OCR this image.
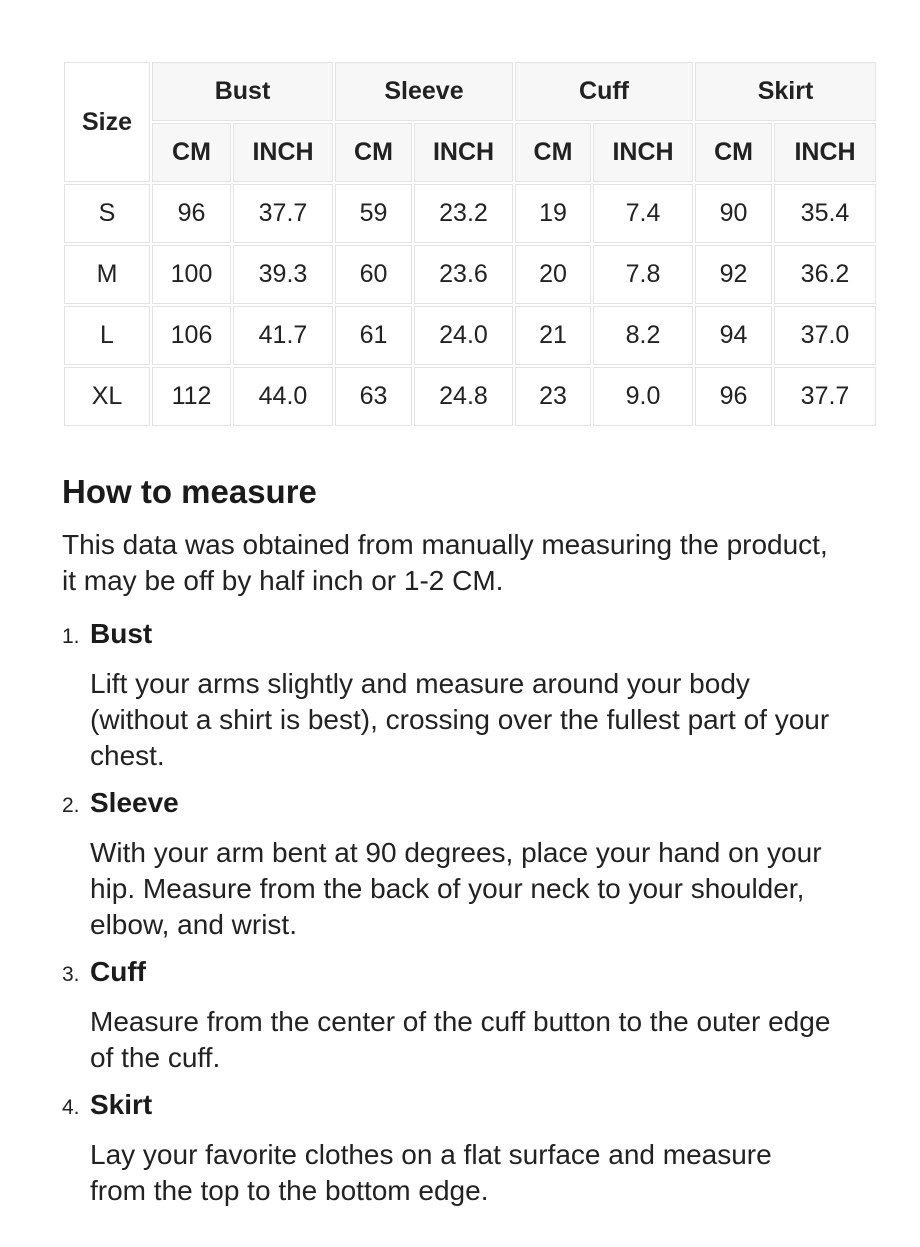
Size	Bust		Sleeve		Cuff		Skirt	
	CM	INCH	CM	INCH	CM	INCH	CM	INCH
S	96	37.7	59	23.2	19	7.4	90	35.4
M	100	39.3	60	23.6	20	7.8	92	36.2
L	106	41.7	61	24.0	21	8.2	94	37.0
XL	112	44.0	63	24.8	23	9.0	96	37.7
How to measure

This data was obtained from manually measuring the product, it may be off by half inch or 1-2 CM.

1. Bust

Lift your arms slightly and measure around your body (without a shirt is best), crossing over the fullest part of your chest.

2. Sleeve

With your arm bent at 90 degrees, place your hand on your hip. Measure from the back of your neck to your shoulder, elbow, and wrist.

3. Cuff

Measure from the center of the cuff button to the outer edge of the cuff.

4. Skirt

Lay your favorite clothes on a flat surface and measure from the top to the bottom edge.
